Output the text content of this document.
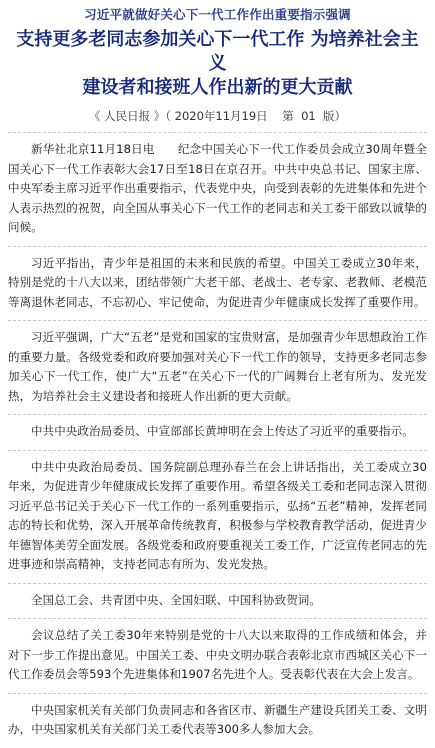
习近平就做好关心下一代工作作出重要指示强调
支持更多老同志参加关心下一代工作 为培养社会主义
建设者和接班人作出新的更大贡献
《 人民日报 》（ 2020年11月19日    第  01  版）

新华社北京11月18日电　　纪念中国关心下一代工作委员会成立30周年暨全国关心下一代工作表彰大会17日至18日在京召开。中共中央总书记、国家主席、中央军委主席习近平作出重要指示，代表党中央，向受到表彰的先进集体和先进个人表示热烈的祝贺，向全国从事关心下一代工作的老同志和关工委干部致以诚挚的问候。

习近平指出，青少年是祖国的未来和民族的希望。中国关工委成立30年来，特别是党的十八大以来，团结带领广大老干部、老战士、老专家、老教师、老模范等离退休老同志，不忘初心、牢记使命，为促进青少年健康成长发挥了重要作用。

习近平强调，广大“五老”是党和国家的宝贵财富，是加强青少年思想政治工作的重要力量。各级党委和政府要加强对关心下一代工作的领导，支持更多老同志参加关心下一代工作，使广大“五老”在关心下一代的广阔舞台上老有所为、发光发热，为培养社会主义建设者和接班人作出新的更大贡献。

中共中央政治局委员、中宣部部长黄坤明在会上传达了习近平的重要指示。

中共中央政治局委员、国务院副总理孙春兰在会上讲话指出，关工委成立30年来，为促进青少年健康成长发挥了重要作用。希望各级关工委和老同志深入贯彻习近平总书记关于关心下一代工作的一系列重要指示，弘扬“五老”精神，发挥老同志的特长和优势，深入开展革命传统教育，积极参与学校教育教学活动，促进青少年德智体美劳全面发展。各级党委和政府要重视关工委工作，广泛宣传老同志的先进事迹和崇高精神，支持老同志有所为、发光发热。

全国总工会、共青团中央、全国妇联、中国科协致贺词。

会议总结了关工委30年来特别是党的十八大以来取得的工作成绩和体会，并对下一步工作提出意见。中国关工委、中央文明办联合表彰北京市西城区关心下一代工作委员会等593个先进集体和1907名先进个人。受表彰代表在大会上发言。

中央国家机关有关部门负责同志和各省区市、新疆生产建设兵团关工委、文明办，中央国家机关有关部门关工委代表等300多人参加大会。
